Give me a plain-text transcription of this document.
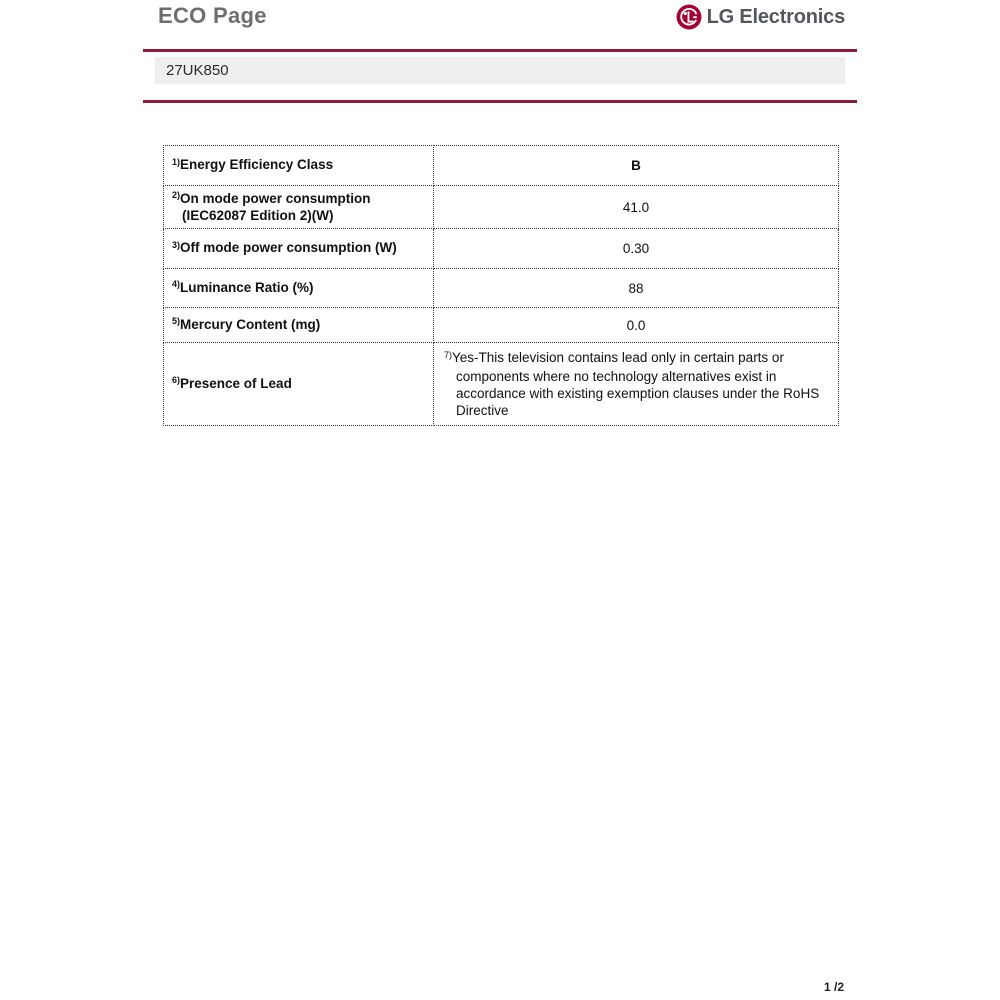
ECO Page	LG Electronics
27UK850
$^{1)}$Energy Efficiency Class	B

$^{2)}$On mode power consumption (IEC62087 Edition 2)(W)	41.0

$^{3)}$Off mode power consumption (W)	0.30

$^{4)}$Luminance Ratio (%)	88

$^{5)}$Mercury Content (mg)	0.0

$^{6)}$Presence of Lead	$^{7)}$Yes-This television contains lead only in certain parts or components where no technology alternatives exist in accordance with existing exemption clauses under the RoHS Directive
1 /2
